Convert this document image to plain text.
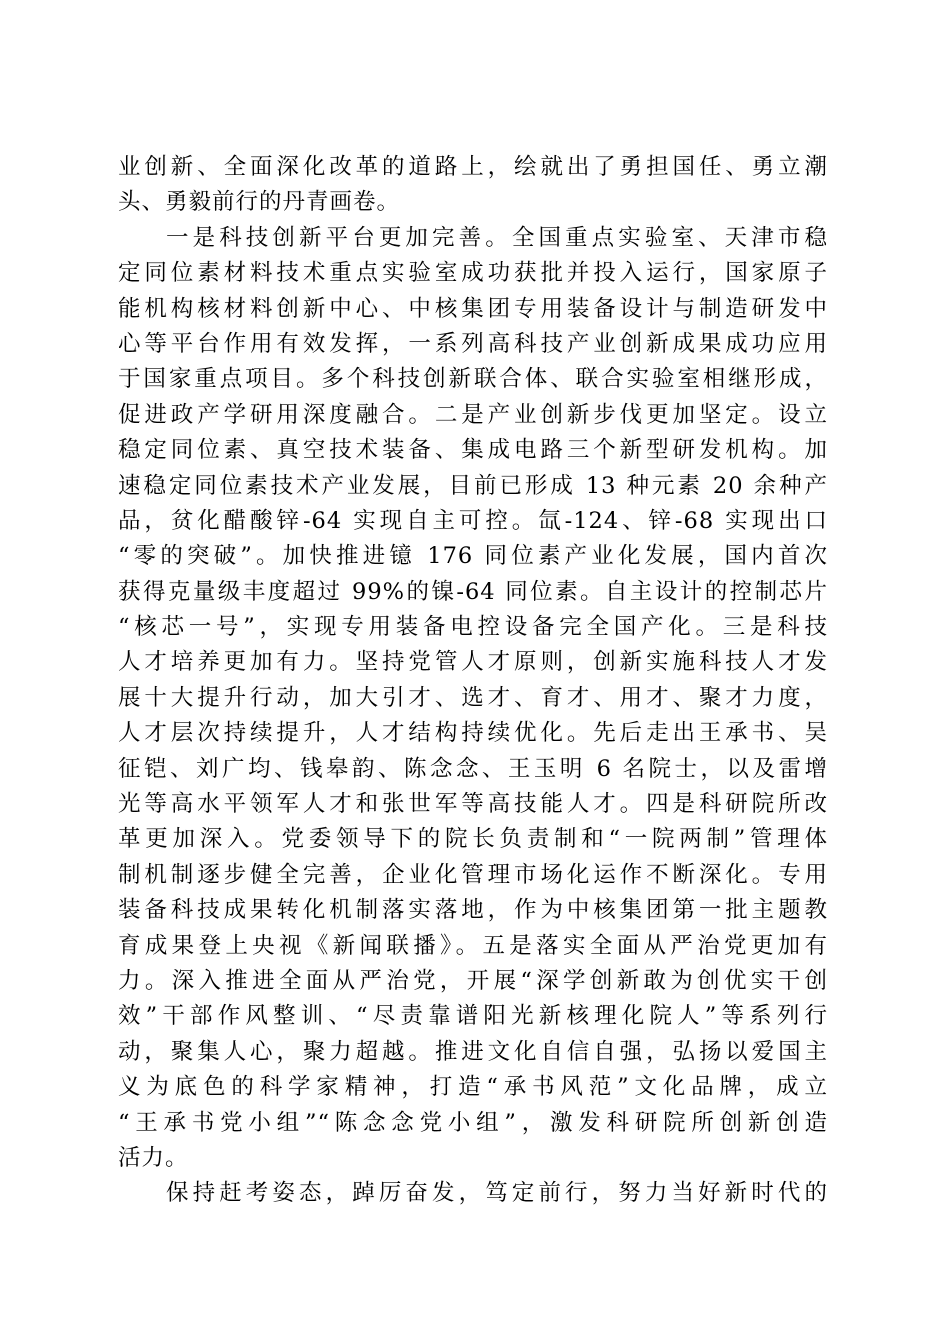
业创新、全面深化改革的道路上，绘就出了勇担国任、勇立潮
头、勇毅前行的丹青画卷。
一是科技创新平台更加完善。全国重点实验室、天津市稳
定同位素材料技术重点实验室成功获批并投入运行，国家原子
能机构核材料创新中心、中核集团专用装备设计与制造研发中
心等平台作用有效发挥，一系列高科技产业创新成果成功应用
于国家重点项目。多个科技创新联合体、联合实验室相继形成，
促进政产学研用深度融合。二是产业创新步伐更加坚定。设立
稳定同位素、真空技术装备、集成电路三个新型研发机构。加
速稳定同位素技术产业发展，目前已形成 13 种元素 20 余种产
品，贫化醋酸锌-64 实现自主可控。氙-124、锌-68 实现出口
“零的突破”。加快推进镱 176 同位素产业化发展，国内首次
获得克量级丰度超过 99%的镍-64 同位素。自主设计的控制芯片
“核芯一号”，实现专用装备电控设备完全国产化。三是科技
人才培养更加有力。坚持党管人才原则，创新实施科技人才发
展十大提升行动，加大引才、选才、育才、用才、聚才力度，
人才层次持续提升，人才结构持续优化。先后走出王承书、吴
征铠、刘广均、钱皋韵、陈念念、王玉明 6 名院士，以及雷增
光等高水平领军人才和张世军等高技能人才。四是科研院所改
革更加深入。党委领导下的院长负责制和“一院两制”管理体
制机制逐步健全完善，企业化管理市场化运作不断深化。专用
装备科技成果转化机制落实落地，作为中核集团第一批主题教
育成果登上央视《新闻联播》。五是落实全面从严治党更加有
力。深入推进全面从严治党，开展“深学创新敢为创优实干创
效”干部作风整训、“尽责靠谱阳光新核理化院人”等系列行
动，聚集人心，聚力超越。推进文化自信自强，弘扬以爱国主
义为底色的科学家精神，打造“承书风范”文化品牌，成立
“王承书党小组”“陈念念党小组”，激发科研院所创新创造
活力。
保持赶考姿态，踔厉奋发，笃定前行，努力当好新时代的
